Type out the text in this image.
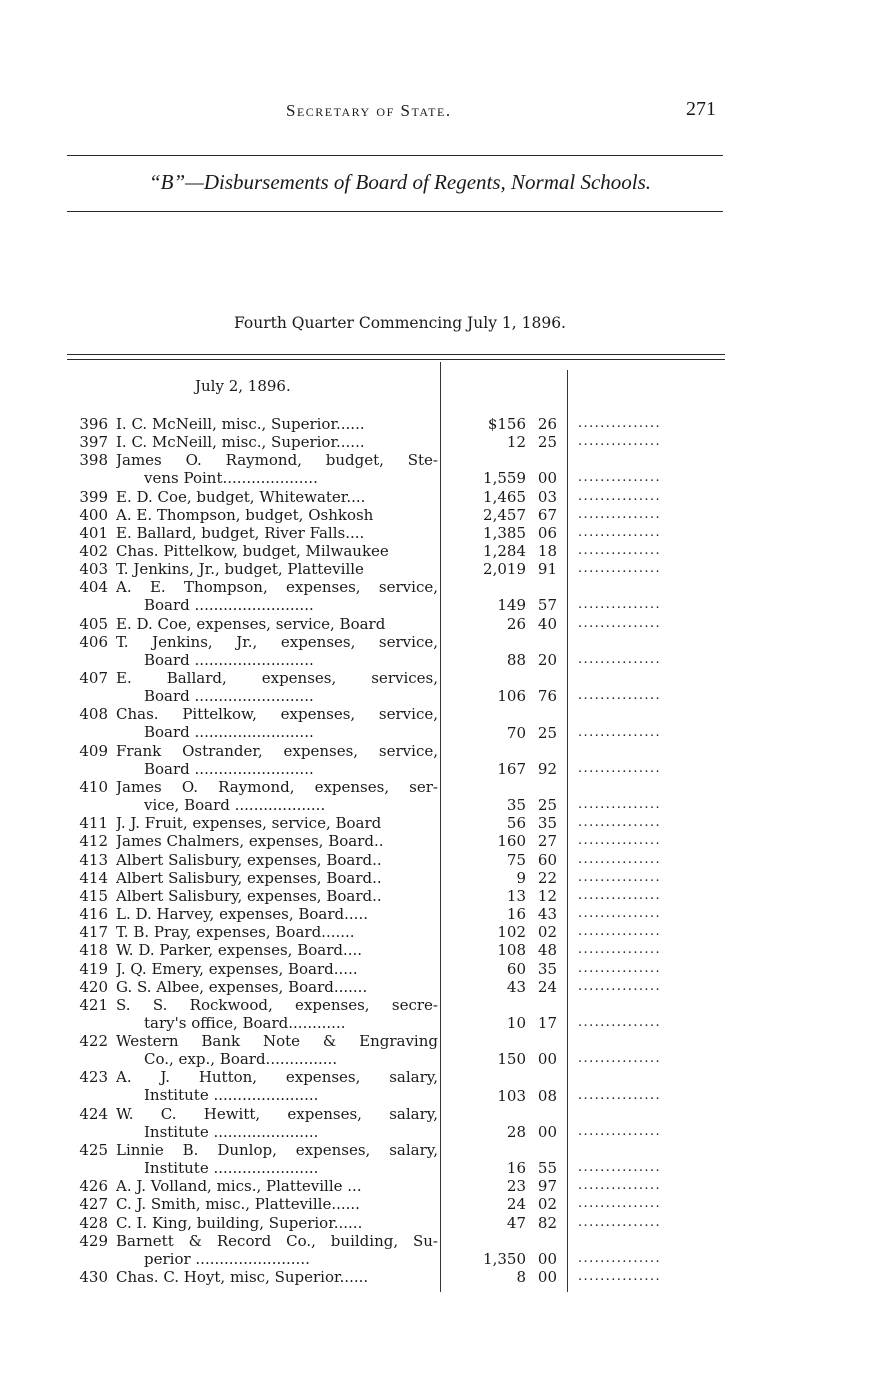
Secretary of State.	271
“B”—Disbursements of Board of Regents, Normal Schools.
Fourth Quarter Commencing July 1, 1896.
July 2, 1896.
396 I. C. McNeill, misc., Superior......	$156 26 ...............
397 I. C. McNeill, misc., Superior......	12 25 ...............
398 James O. Raymond, budget, Ste-
vens Point....................	1,559 00 ...............
399 E. D. Coe, budget, Whitewater....	1,465 03 ...............
400 A. E. Thompson, budget, Oshkosh	2,457 67 ...............
401 E. Ballard, budget, River Falls....	1,385 06 ...............
402 Chas. Pittelkow, budget, Milwaukee	1,284 18 ...............
403 T. Jenkins, Jr., budget, Platteville	2,019 91 ...............
404 A. E. Thompson, expenses, service,
Board .........................	149 57 ...............
405 E. D. Coe, expenses, service, Board	26 40 ...............
406 T. Jenkins, Jr., expenses, service,
Board .........................	88 20 ...............
407 E. Ballard, expenses, services,
Board .........................	106 76 ...............
408 Chas. Pittelkow, expenses, service,
Board .........................	70 25 ...............
409 Frank Ostrander, expenses, service,
Board .........................	167 92 ...............
410 James O. Raymond, expenses, ser-
vice, Board ...................	35 25 ...............
411 J. J. Fruit, expenses, service, Board	56 35 ...............
412 James Chalmers, expenses, Board..	160 27 ...............
413 Albert Salisbury, expenses, Board..	75 60 ...............
414 Albert Salisbury, expenses, Board..	9 22 ...............
415 Albert Salisbury, expenses, Board..	13 12 ...............
416 L. D. Harvey, expenses, Board.....	16 43 ...............
417 T. B. Pray, expenses, Board.......	102 02 ...............
418 W. D. Parker, expenses, Board....	108 48 ...............
419 J. Q. Emery, expenses, Board.....	60 35 ...............
420 G. S. Albee, expenses, Board.......	43 24 ...............
421 S. S. Rockwood, expenses, secre-
tary's office, Board............	10 17 ...............
422 Western Bank Note & Engraving
Co., exp., Board...............	150 00 ...............
423 A. J. Hutton, expenses, salary,
Institute ......................	103 08 ...............
424 W. C. Hewitt, expenses, salary,
Institute ......................	28 00 ...............
425 Linnie B. Dunlop, expenses, salary,
Institute ......................	16 55 ...............
426 A. J. Volland, mics., Platteville ...	23 97 ...............
427 C. J. Smith, misc., Platteville......	24 02 ...............
428 C. I. King, building, Superior......	47 82 ...............
429 Barnett & Record Co., building, Su-
perior ........................	1,350 00 ...............
430 Chas. C. Hoyt, misc, Superior......	8 00 ...............
